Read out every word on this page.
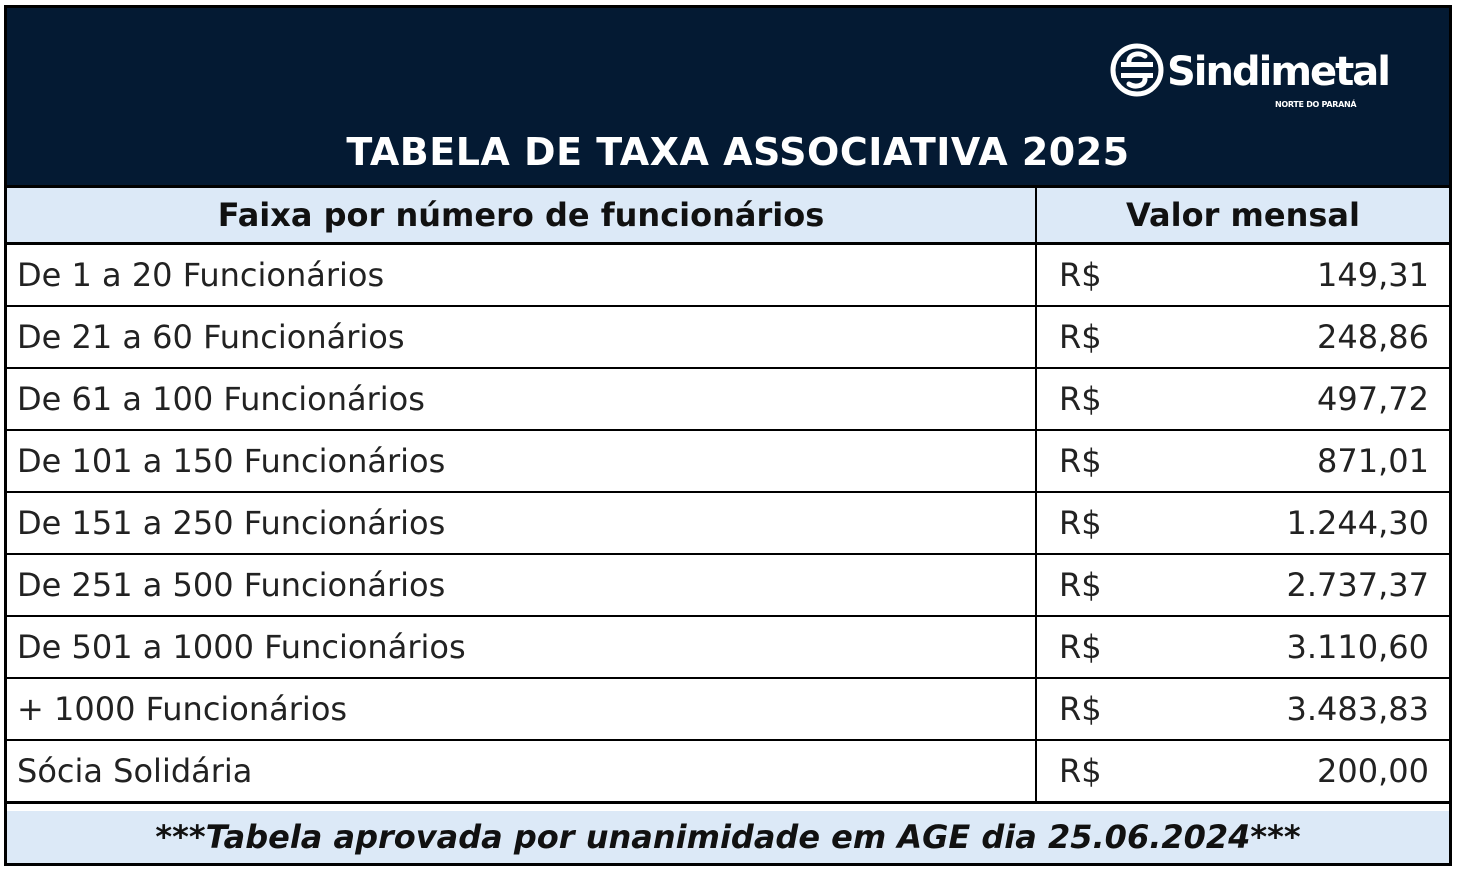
Sindimetal
NORTE DO PARANÁ
TABELA DE TAXA ASSOCIATIVA 2025
Faixa por número de funcionários	Valor mensal
De 1 a 20 Funcionários	R$ 149,31

De 21 a 60 Funcionários	R$ 248,86

De 61 a 100 Funcionários	R$ 497,72

De 101 a 150 Funcionários	R$ 871,01

De 151 a 250 Funcionários	R$ 1.244,30

De 251 a 500 Funcionários	R$ 2.737,37

De 501 a 1000 Funcionários	R$ 3.110,60

+ 1000 Funcionários	R$ 3.483,83

Sócia Solidária	R$ 200,00
***Tabela aprovada por unanimidade em AGE dia 25.06.2024***
